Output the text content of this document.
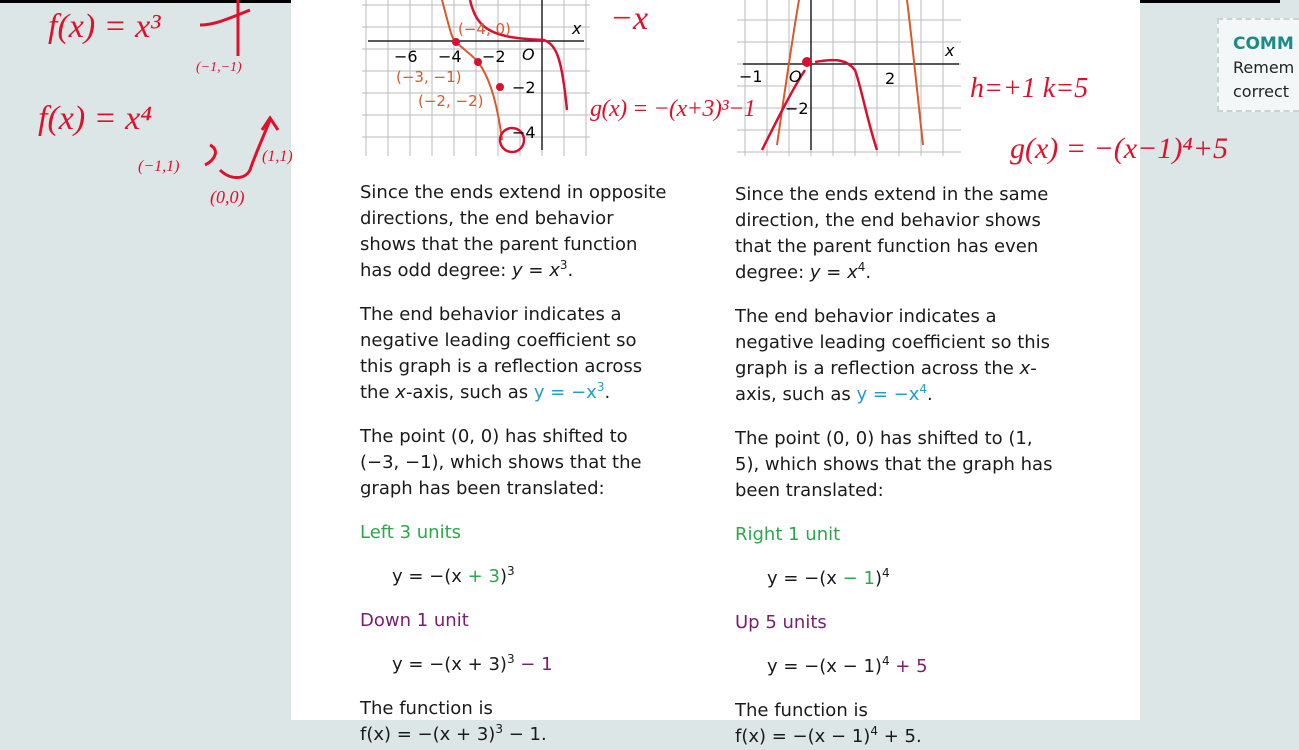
x
O
−6 −4 −2
−2
−4
(−4, 0)
(−3, −1)
(−2, −2)
x
O
−1	2
−2

Since the ends extend in opposite directions, the end behavior shows that the parent function has odd degree: $y = x^3$.

The end behavior indicates a negative leading coefficient so this graph is a reflection across the x-axis, such as $y = -x^3$.

The point (0, 0) has shifted to (−3, −1), which shows that the graph has been translated:

Left 3 units

$y = -(x + 3)^3$

Down 1 unit

$y = -(x + 3)^3 - 1$

The function is
$f(x) = -(x + 3)^3 - 1$.

Since the ends extend in the same direction, the end behavior shows that the parent function has even degree: $y = x^4$.

The end behavior indicates a negative leading coefficient so this graph is a reflection across the x-axis, such as $y = -x^4$.

The point (0, 0) has shifted to (1, 5), which shows that the graph has been translated:

Right 1 unit

$y = -(x - 1)^4$

Up 5 units

$y = -(x - 1)^4 + 5$

The function is
$f(x) = -(x - 1)^4 + 5$.

COMM
Remem
correct
f(x) = x³
(−1,−1)
f(x) = x⁴
(−1,1)
(1,1)
(0,0)
−x
g(x) = −(x+3)³−1
h=+1 k=5
g(x) = −(x−1)⁴+5
